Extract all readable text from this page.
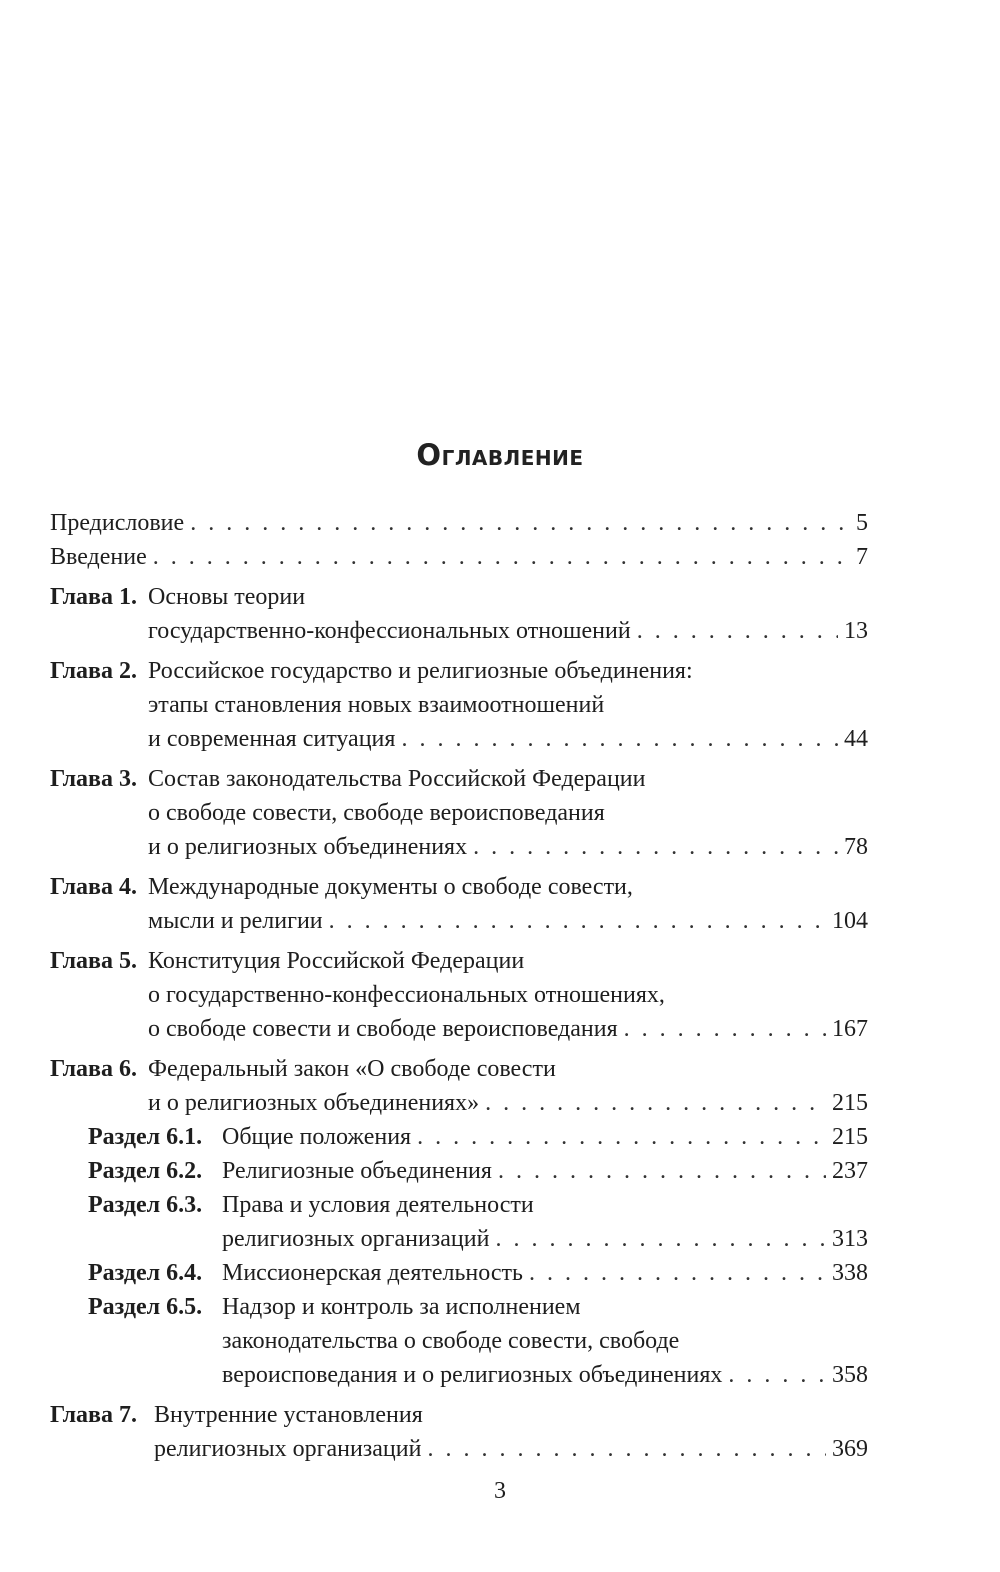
Оглавление
Предисловие . . .	5
Введение . . .	7
Глава 1. Основы теории
государственно-конфессиональных отношений . . .	13
Глава 2. Российское государство и религиозные объединения:
этапы становления новых взаимоотношений
и современная ситуация . . .	44
Глава 3. Состав законодательства Российской Федерации
о свободе совести, свободе вероисповедания
и о религиозных объединениях . . .	78
Глава 4. Международные документы о свободе совести,
мысли и религии . . .	104
Глава 5. Конституция Российской Федерации
о государственно-конфессиональных отношениях,
о свободе совести и свободе вероисповедания . . .	167
Глава 6. Федеральный закон «О свободе совести
и о религиозных объединениях» . . .	215
Раздел 6.1. Общие положения . . .	215
Раздел 6.2. Религиозные объединения . . .	237
Раздел 6.3. Права и условия деятельности
религиозных организаций . . .	313
Раздел 6.4. Миссионерская деятельность . . .	338
Раздел 6.5. Надзор и контроль за исполнением
законодательства о свободе совести, свободе
вероисповедания и о религиозных объединениях . . .	358
Глава 7. Внутренние установления
религиозных организаций . . .	369
3
